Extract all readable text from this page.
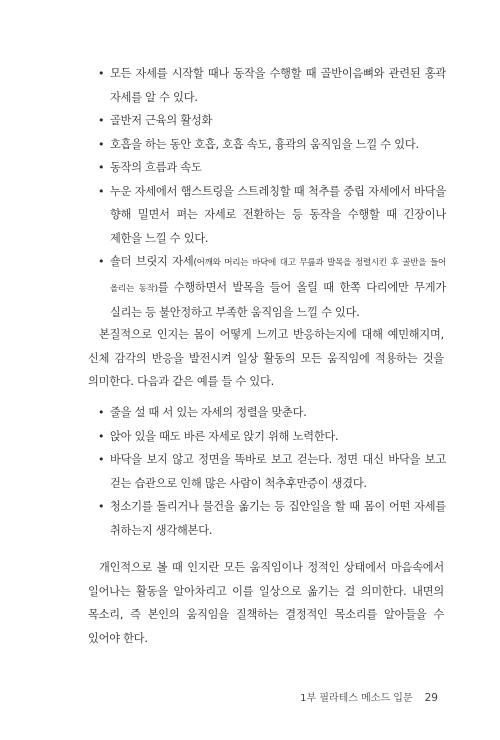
• 모든 자세를 시작할 때나 동작을 수행할 때 골반이음뼈와 관련된 홍곽 자세를 알 수 있다.
• 골반저 근육의 활성화
• 호흡을 하는 동안 호흡, 호흡 속도, 흉곽의 움직임을 느낄 수 있다.
• 동작의 흐름과 속도
• 누운 자세에서 햄스트링을 스트레칭할 때 척추를 중립 자세에서 바닥을 향해 밀면서 펴는 자세로 전환하는 등 동작을 수행할 때 긴장이나 제한을 느낄 수 있다.
• 숄더 브릿지 자세(어깨와 머리는 바닥에 대고 무릎과 발목을 정렬시킨 후 골반을 들어 올리는 동작)를 수행하면서 발목을 들어 올릴 때 한쪽 다리에만 무게가 실리는 등 불안정하고 부족한 움직임을 느낄 수 있다.

본질적으로 인지는 몸이 어떻게 느끼고 반응하는지에 대해 예민해지며, 신체 감각의 반응을 발전시켜 일상 활동의 모든 움직임에 적용하는 것을 의미한다. 다음과 같은 예를 들 수 있다.

• 줄을 설 때 서 있는 자세의 정렬을 맞춘다.
• 앉아 있을 때도 바른 자세로 앉기 위해 노력한다.
• 바닥을 보지 않고 정면을 똑바로 보고 걷는다. 정면 대신 바닥을 보고 걷는 습관으로 인해 많은 사람이 척추후만증이 생겼다.
• 청소기를 돌리거나 물건을 옮기는 등 집안일을 할 때 몸이 어떤 자세를 취하는지 생각해본다.

개인적으로 볼 때 인지란 모든 움직임이나 정적인 상태에서 마음속에서 일어나는 활동을 알아차리고 이를 일상으로 옮기는 걸 의미한다. 내면의 목소리, 즉 본인의 움직임을 질책하는 결정적인 목소리를 알아들을 수 있어야 한다.

1부 필라테스 메소드 입문 29
